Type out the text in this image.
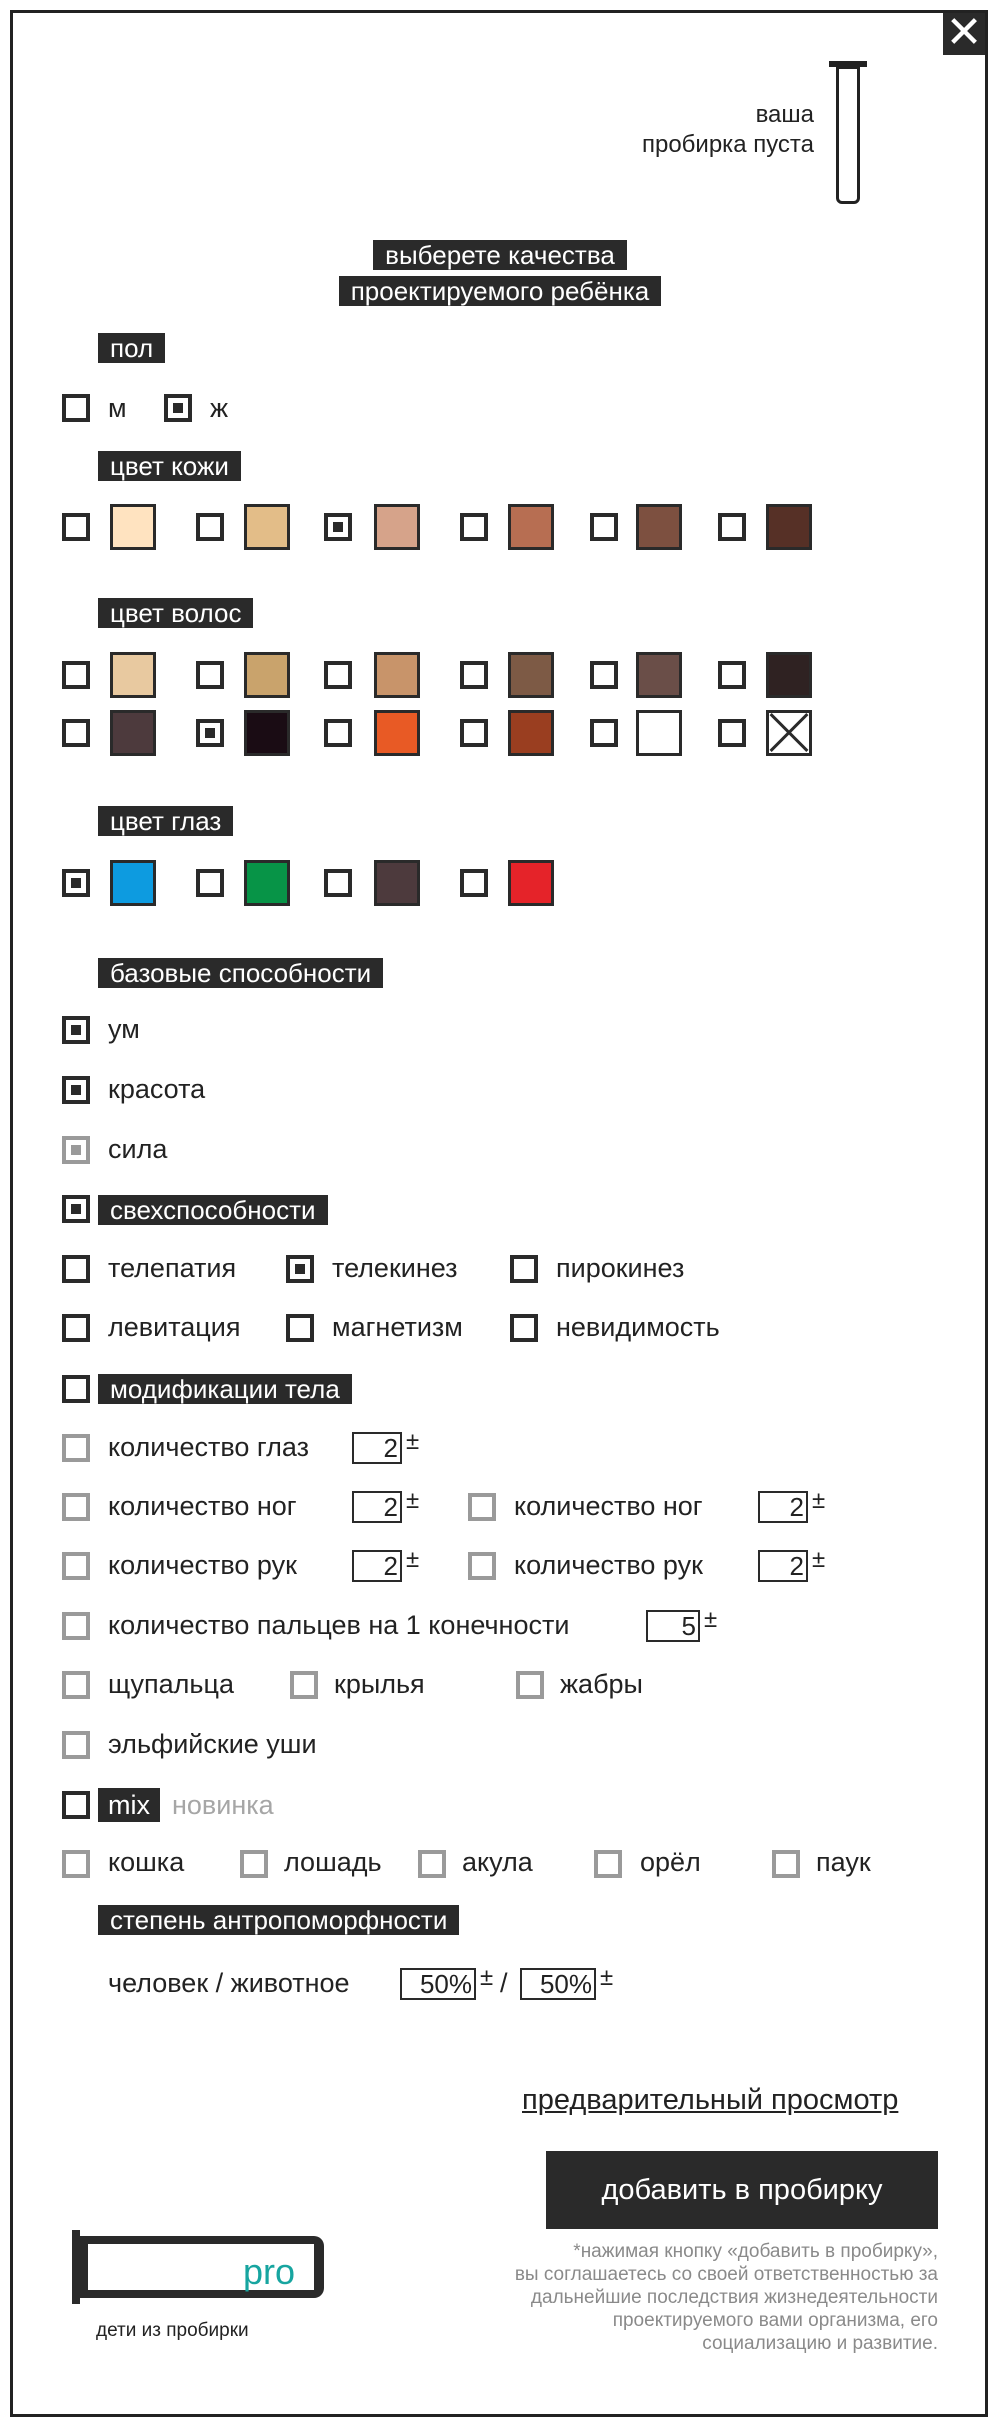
✕
ваша
пробирка пуста
выберете качества
проектируемого ребёнка
пол
м	ж
цвет кожи
цвет волос
цвет глаз
базовые способности
ум
красота
сила
свехспособности
телепатия	телекинез	пирокинез
левитация	магнетизм	невидимость
модификации тела
количество глаз	2 ±
количество ног	2 ±	количество ног	2 ±
количество рук	2 ±	количество рук	2 ±
количество пальцев на 1 конечности	5 ±
щупальца	крылья	жабры
эльфийские уши
mix новинка
кошка	лошадь	акула	орёл	паук
степень антропоморфности
человек / животное	50% ± /	50% ±
предварительный просмотр
добавить в пробирку
*нажимая кнопку «добавить в пробирку»,
вы соглашаетесь со своей ответственностью за
дальнейшие последствия жизнедеятельности
проектируемого вами организма, его
социализацию и развитие.
pro
дети из пробирки
